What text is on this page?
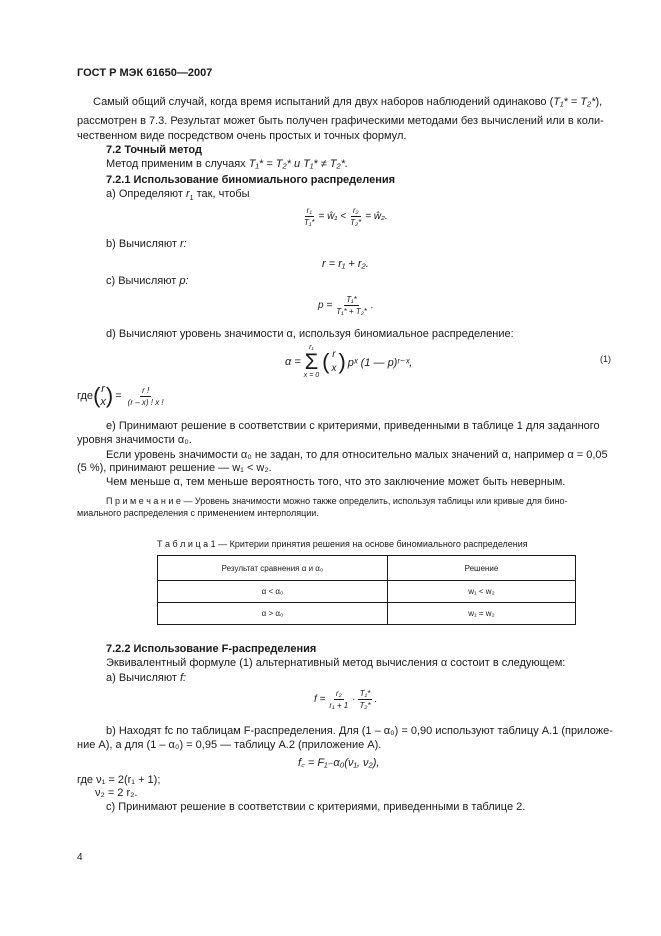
ГОСТ Р МЭК 61650—2007
Самый общий случай, когда время испытаний для двух наборов наблюдений одинаково (T₁* = T₂*),
рассмотрен в 7.3. Результат может быть получен графическими методами без вычислений или в коли-
чественном виде посредством очень простых и точных формул.
7.2 Точный метод
Метод применим в случаях T₁* = T₂* и T₁* ≠ T₂*.
7.2.1 Использование биномиального распределения
а) Определяют $r_1$ так, чтобы
$\frac{\text{r₁}}{\text{T₁*}}$ = ŵ₁ < $\frac{\text{r₂}}{\text{T₂*}}$ = ŵ₂.
b) Вычисляют r:
r = r₁ + r₂.
с) Вычисляют p:
$p = \frac{\text{T₁*}}{\text{T₁* + T₂*}}$ .
d) Вычисляют уровень значимости α, используя биномиальное распределение:
α =
r₁
Σ
x = 0
( r
x ) pˣ (1 — p)ʳ⁻ˣ,	(1)
где ( r
x ) = $\frac{r !}{(r - x) ! x !}$
е) Принимают решение в соответствии с критериями, приведенными в таблице 1 для заданного
уровня значимости α₀.
Если уровень значимости α₀ не задан, то для относительно малых значений α, например α = 0,05
(5 %), принимают решение — w₁ < w₂.
Чем меньше α, тем меньше вероятность того, что это заключение может быть неверным.
П р и м е ч а н и е — Уровень значимости можно также определить, используя таблицы или кривые для бино-
миального распределения с применением интерполяции.
Т а б л и ц а 1 — Критерии принятия решения на основе биномиального распределения
Результат сравнения α и α₀	Решение
α < α₀	w₁ < w₂
α > α₀	w₁ = w₂
7.2.2 Использование F-распределения
Эквивалентный формуле (1) альтернативный метод вычисления α состоит в следующем:
а) Вычисляют f:
$f = \frac{\text{r₂}}{\text{r₁ + 1}}$ ·
T₁*
T₂*
.
b) Находят fc по таблицам F-распределения. Для (1 – α₀) = 0,90 используют таблицу А.1 (приложе-
ние А), а для (1 – α₀) = 0,95 — таблицу А.2 (приложение А).
f꜀ = F₁₋α₀(ν₁, ν₂),
где ν₁ = 2(r₁ + 1);
ν₂ = 2 r₂.
с) Принимают решение в соответствии с критериями, приведенными в таблице 2.
4
